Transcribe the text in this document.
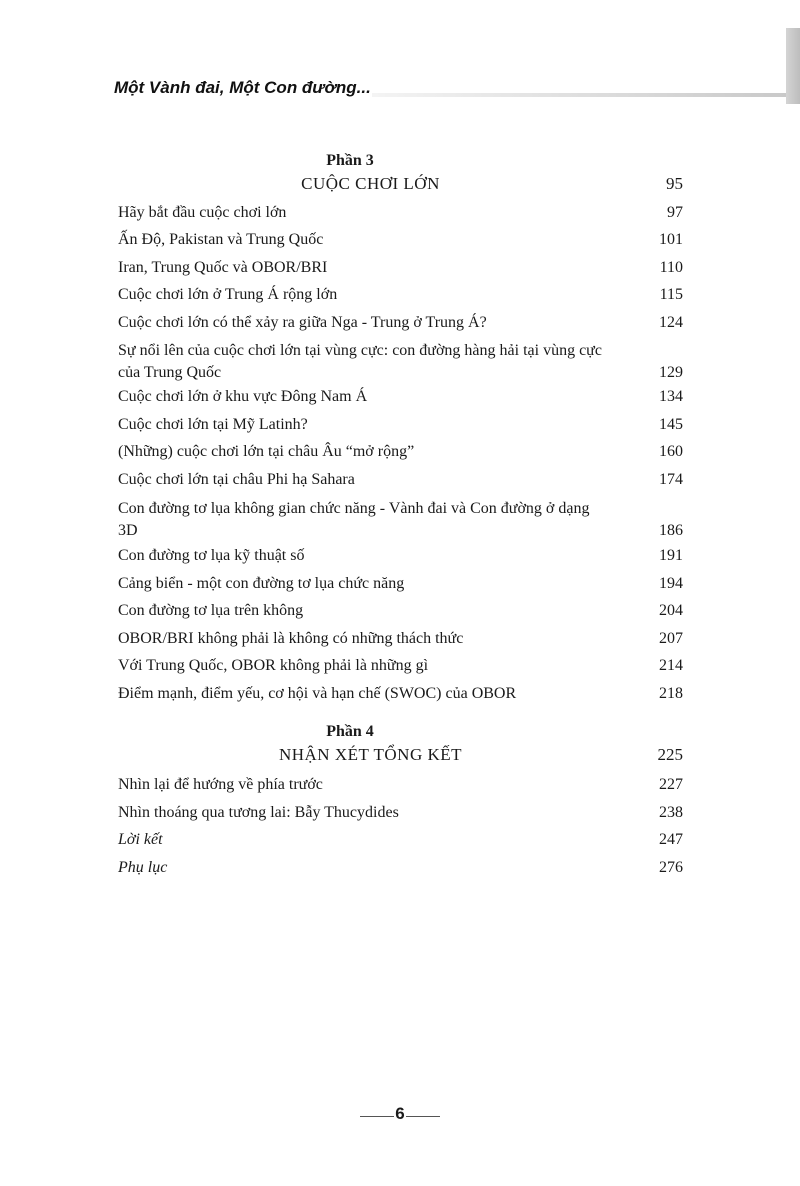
Một Vành đai, Một Con đường...
Phần 3
CUỘC CHƠI LỚN	95
Hãy bắt đầu cuộc chơi lớn	97
Ấn Độ, Pakistan và Trung Quốc	101
Iran, Trung Quốc và OBOR/BRI	110
Cuộc chơi lớn ở Trung Á rộng lớn	115
Cuộc chơi lớn có thể xảy ra giữa Nga - Trung ở Trung Á?	124
Sự nổi lên của cuộc chơi lớn tại vùng cực: con đường hàng hải tại vùng cực của Trung Quốc	129
Cuộc chơi lớn ở khu vực Đông Nam Á	134
Cuộc chơi lớn tại Mỹ Latinh?	145
(Những) cuộc chơi lớn tại châu Âu “mở rộng”	160
Cuộc chơi lớn tại châu Phi hạ Sahara	174
Con đường tơ lụa không gian chức năng - Vành đai và Con đường ở dạng 3D	186
Con đường tơ lụa kỹ thuật số	191
Cảng biển - một con đường tơ lụa chức năng	194
Con đường tơ lụa trên không	204
OBOR/BRI không phải là không có những thách thức	207
Với Trung Quốc, OBOR không phải là những gì	214
Điểm mạnh, điểm yếu, cơ hội và hạn chế (SWOC) của OBOR	218
Phần 4
NHẬN XÉT TỔNG KẾT	225
Nhìn lại để hướng về phía trước	227
Nhìn thoáng qua tương lai: Bẫy Thucydides	238
Lời kết	247
Phụ lục	276
6
